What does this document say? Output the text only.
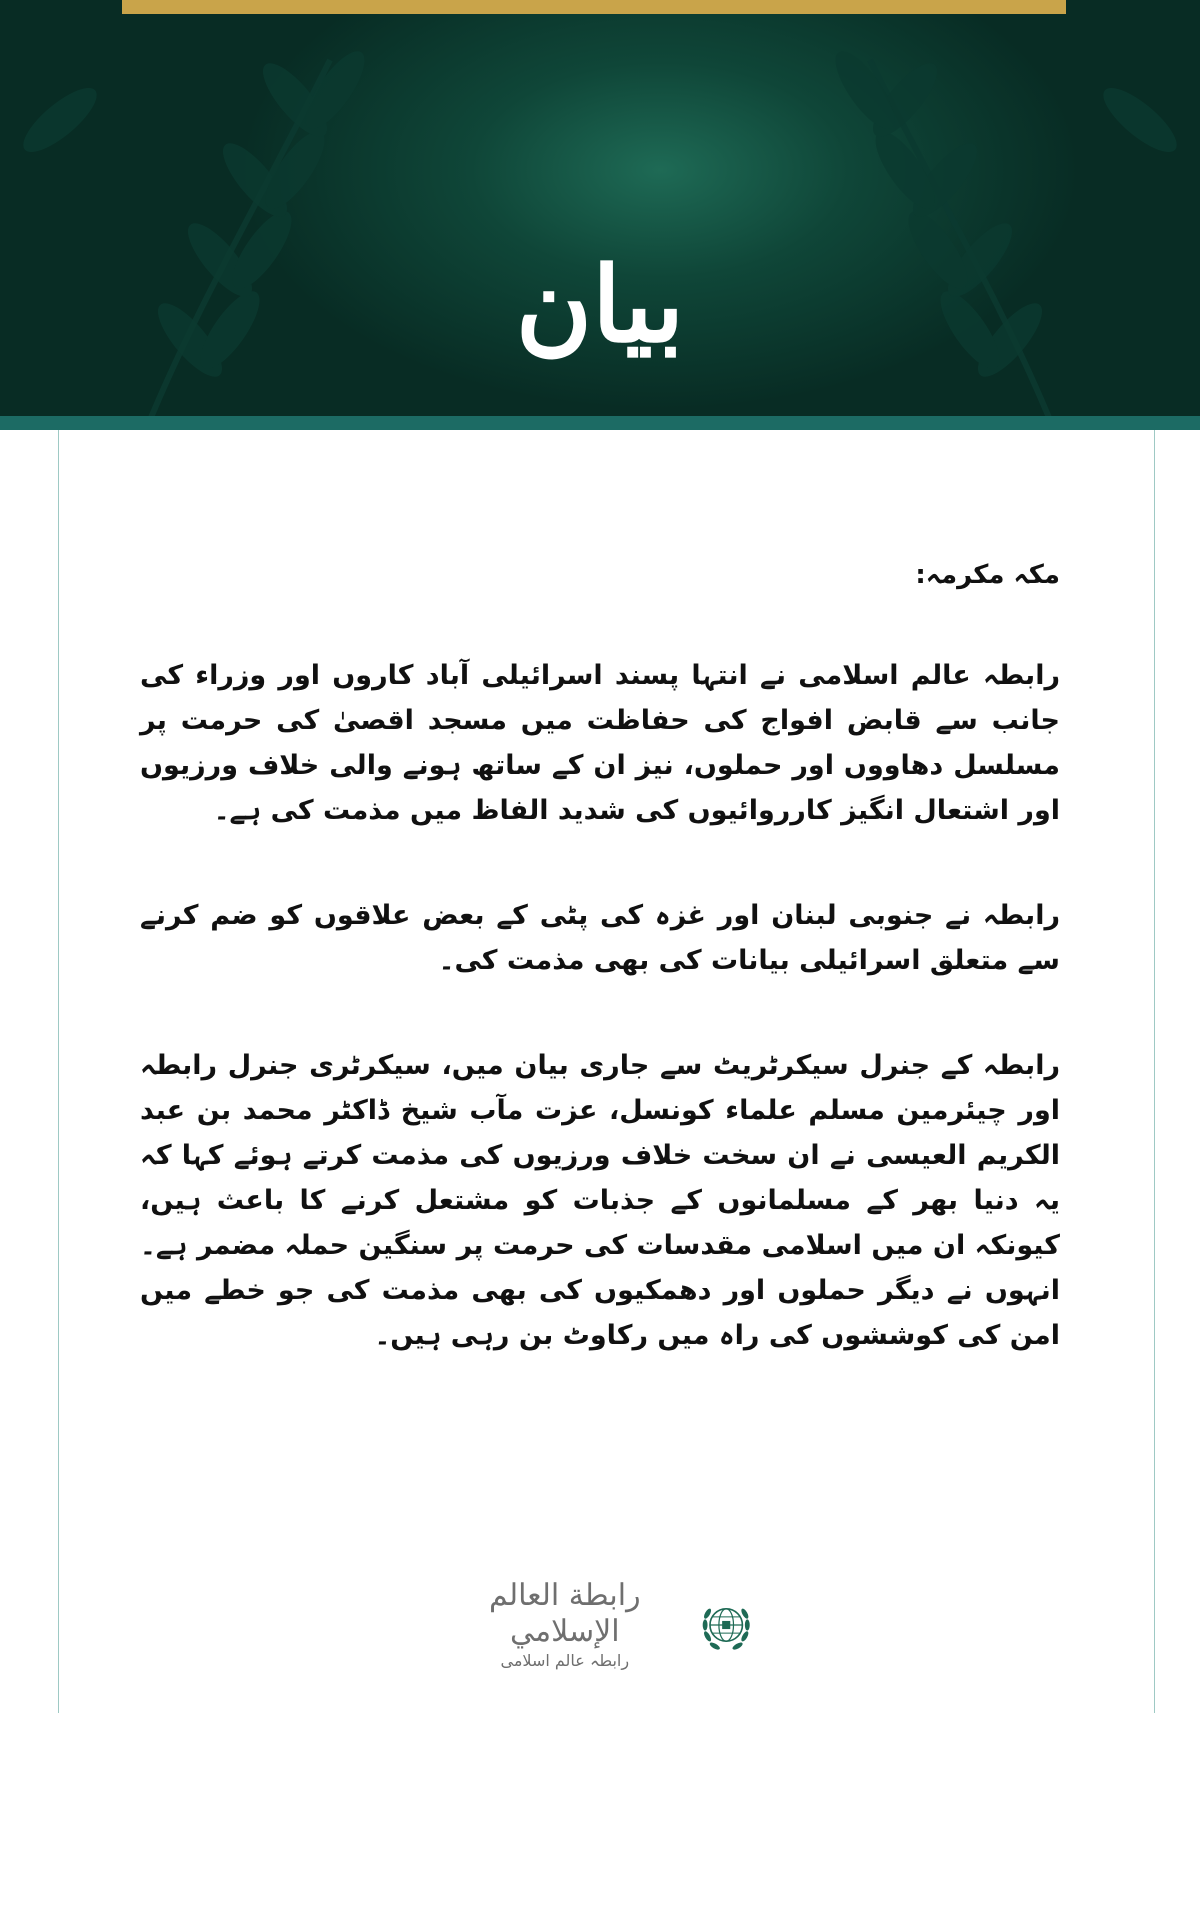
بیان
مکہ مکرمہ:

رابطہ عالم اسلامی نے انتہا پسند اسرائیلی آباد کاروں اور وزراء کی جانب سے قابض افواج کی حفاظت میں مسجد اقصیٰ کی حرمت پر مسلسل دھاووں اور حملوں، نیز ان کے ساتھ ہونے والی خلاف ورزیوں اور اشتعال انگیز کارروائیوں کی شدید الفاظ میں مذمت کی ہے۔

رابطہ نے جنوبی لبنان اور غزہ کی پٹی کے بعض علاقوں کو ضم کرنے سے متعلق اسرائیلی بیانات کی بھی مذمت کی۔

رابطہ کے جنرل سیکرٹریٹ سے جاری بیان میں، سیکرٹری جنرل رابطہ اور چیئرمین مسلم علماء کونسل، عزت مآب شیخ ڈاکٹر محمد بن عبد الکریم العیسی نے ان سخت خلاف ورزیوں کی مذمت کرتے ہوئے کہا کہ یہ دنیا بھر کے مسلمانوں کے جذبات کو مشتعل کرنے کا باعث ہیں، کیونکہ ان میں اسلامی مقدسات کی حرمت پر سنگین حملہ مضمر ہے۔ انہوں نے دیگر حملوں اور دھمکیوں کی بھی مذمت کی جو خطے میں امن کی کوششوں کی راہ میں رکاوٹ بن رہی ہیں۔

رابطة العالم الإسلامي
رابطہ عالم اسلامی
